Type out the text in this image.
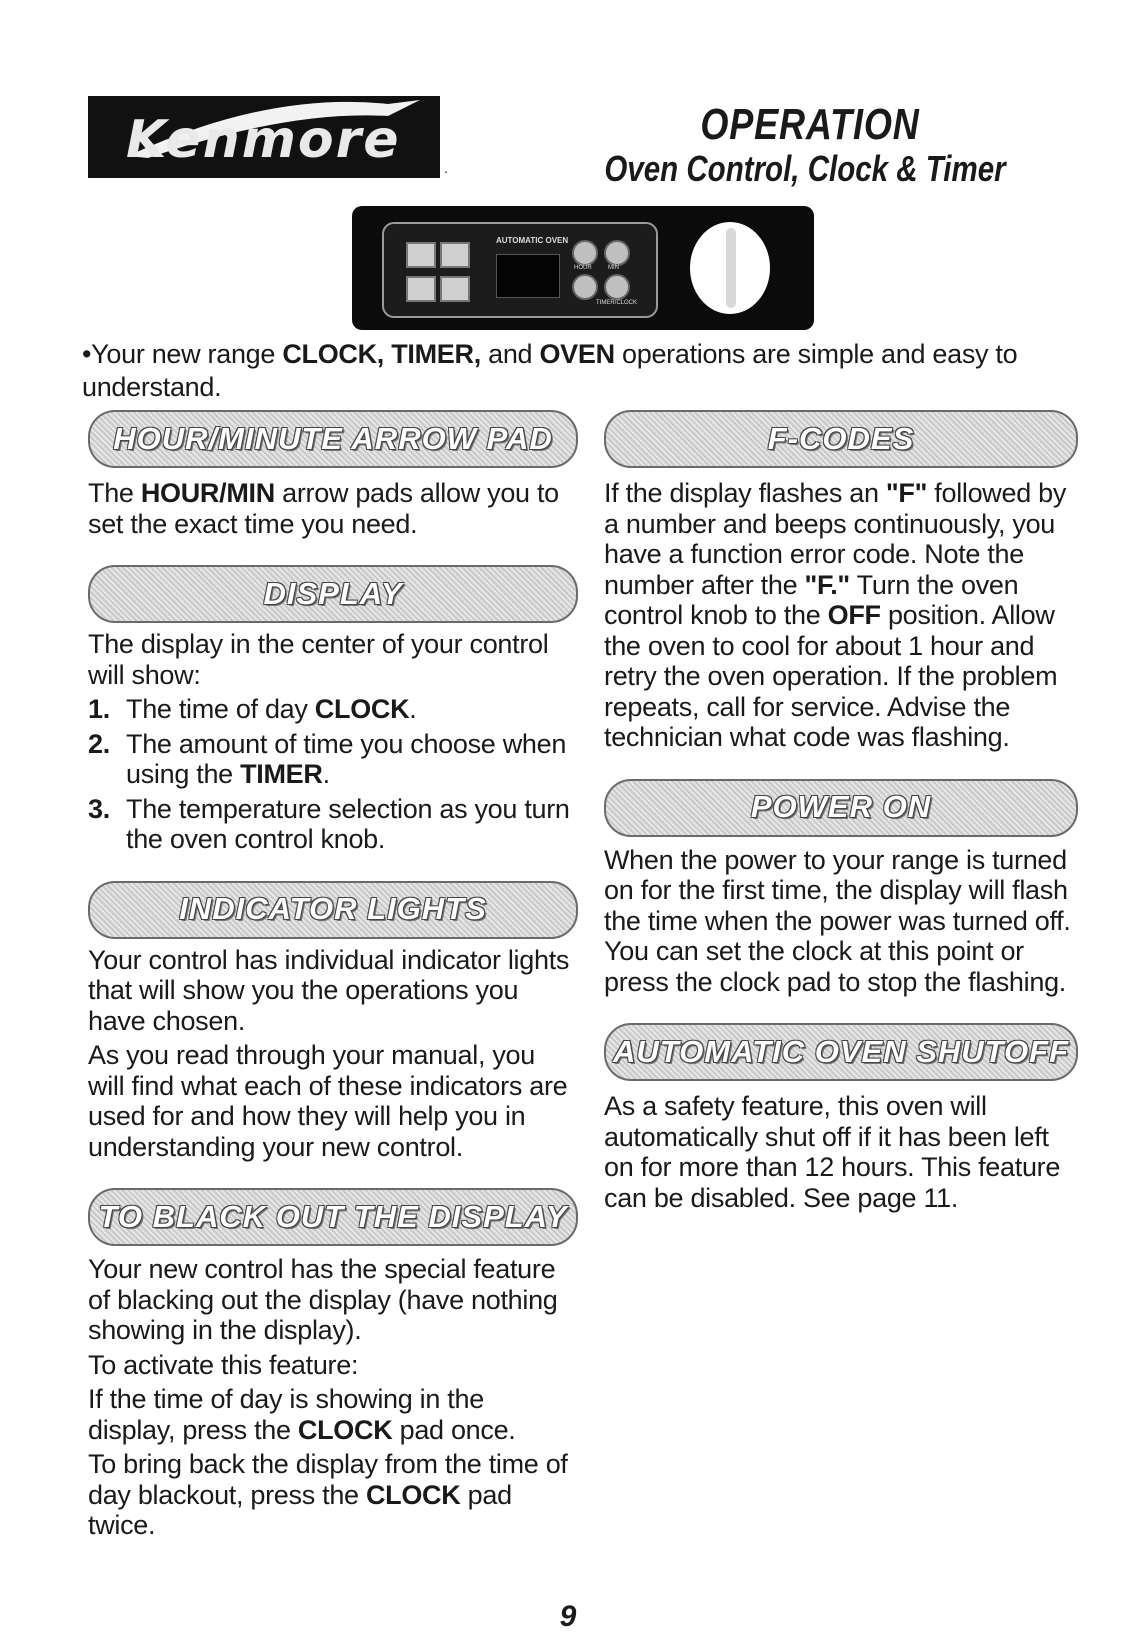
Kenmore	.
OPERATION
Oven Control, Clock & Timer
AUTOMATIC OVEN
HOUR	MIN
TIMER/CLOCK
•Your new range CLOCK, TIMER, and OVEN operations are simple and easy to understand.
HOUR/MINUTE ARROW PAD

The HOUR/MIN arrow pads allow you to set the exact time you need.

DISPLAY

The display in the center of your control will show:

1. The time of day CLOCK.
2. The amount of time you choose when using the TIMER.
3. The temperature selection as you turn the oven control knob.
INDICATOR LIGHTS

Your control has individual indicator lights that will show you the operations you have chosen.

As you read through your manual, you will find what each of these indicators are used for and how they will help you in understanding your new control.

TO BLACK OUT THE DISPLAY

Your new control has the special feature of blacking out the display (have nothing showing in the display).

To activate this feature:

If the time of day is showing in the display, press the CLOCK pad once.

To bring back the display from the time of day blackout, press the CLOCK pad twice.

F-CODES

If the display flashes an "F" followed by a number and beeps continuously, you have a function error code. Note the number after the "F." Turn the oven control knob to the OFF position. Allow the oven to cool for about 1 hour and retry the oven operation. If the problem repeats, call for service. Advise the technician what code was flashing.

POWER ON

When the power to your range is turned on for the first time, the display will flash the time when the power was turned off. You can set the clock at this point or press the clock pad to stop the flashing.

AUTOMATIC OVEN SHUTOFF

As a safety feature, this oven will automatically shut off if it has been left on for more than 12 hours. This feature can be disabled. See page 11.

9
